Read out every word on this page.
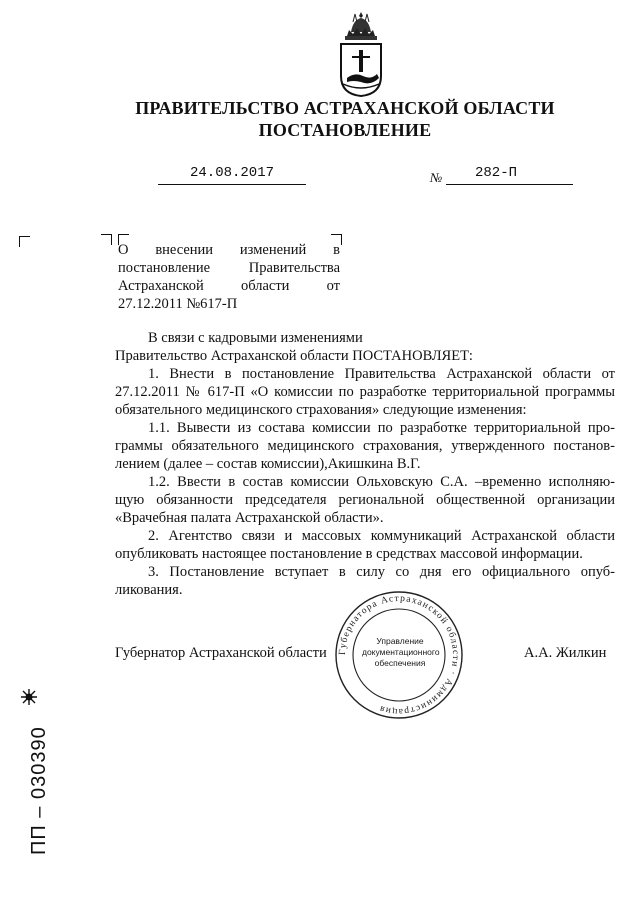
ПРАВИТЕЛЬСТВО АСТРАХАНСКОЙ ОБЛАСТИ
ПОСТАНОВЛЕНИЕ
24.08.2017	№	282-П
О внесении изменений в постановление Правительства Астраханской области от 27.12.2011 №617-П
В связи с кадровыми изменениями
Правительство Астраханской области ПОСТАНОВЛЯЕТ:
1. Внести в постановление Правительства Астраханской области от
27.12.2011 № 617-П «О комиссии по разработке территориальной программы
обязательного медицинского страхования» следующие изменения:
1.1. Вывести из состава комиссии по разработке территориальной про-
граммы обязательного медицинского страхования, утвержденного постанов-
лением (далее – состав комиссии),Акишкина В.Г.
1.2. Ввести в состав комиссии Ольховскую С.А. –временно исполняю-
щую обязанности председателя региональной общественной организации
«Врачебная палата Астраханской области».
2. Агентство связи и массовых коммуникаций Астраханской области
опубликовать настоящее постановление в средствах массовой информации.
3. Постановление вступает в силу со дня его официального опуб-
ликования.
Губернатора Астраханской области · Администрация
Управление
документационного
обеспечения
Губернатор Астраханской области	А.А. Жилкин
ПП – 030390
